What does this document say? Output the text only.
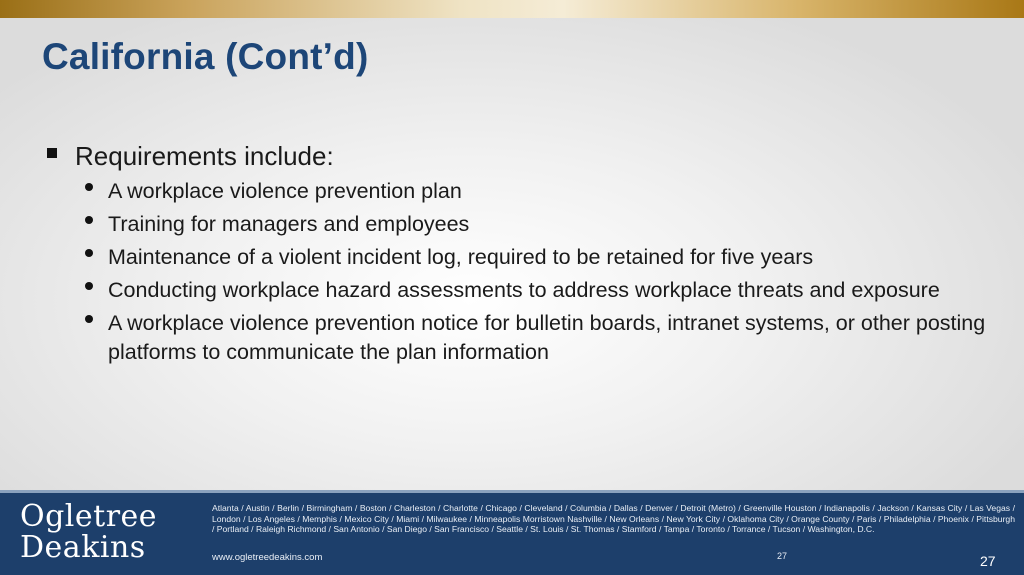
California (Cont’d)
Requirements include:
A workplace violence prevention plan
Training for managers and employees
Maintenance of a violent incident log, required to be retained for five years
Conducting workplace hazard assessments to address workplace threats and exposure
A workplace violence prevention notice for bulletin boards, intranet systems, or other posting platforms to communicate the plan information
Ogletree
Deakins
Atlanta / Austin / Berlin / Birmingham / Boston / Charleston / Charlotte / Chicago / Cleveland / Columbia / Dallas / Denver / Detroit (Metro) / Greenville Houston / Indianapolis / Jackson / Kansas City / Las Vegas / London / Los Angeles / Memphis / Mexico City / Miami / Milwaukee / Minneapolis Morristown Nashville / New Orleans / New York City / Oklahoma City / Orange County / Paris / Philadelphia / Phoenix / Pittsburgh / Portland / Raleigh Richmond / San Antonio / San Diego / San Francisco / Seattle / St. Louis / St. Thomas / Stamford / Tampa / Toronto / Torrance / Tucson / Washington, D.C.
www.ogletreedeakins.com	27	27
